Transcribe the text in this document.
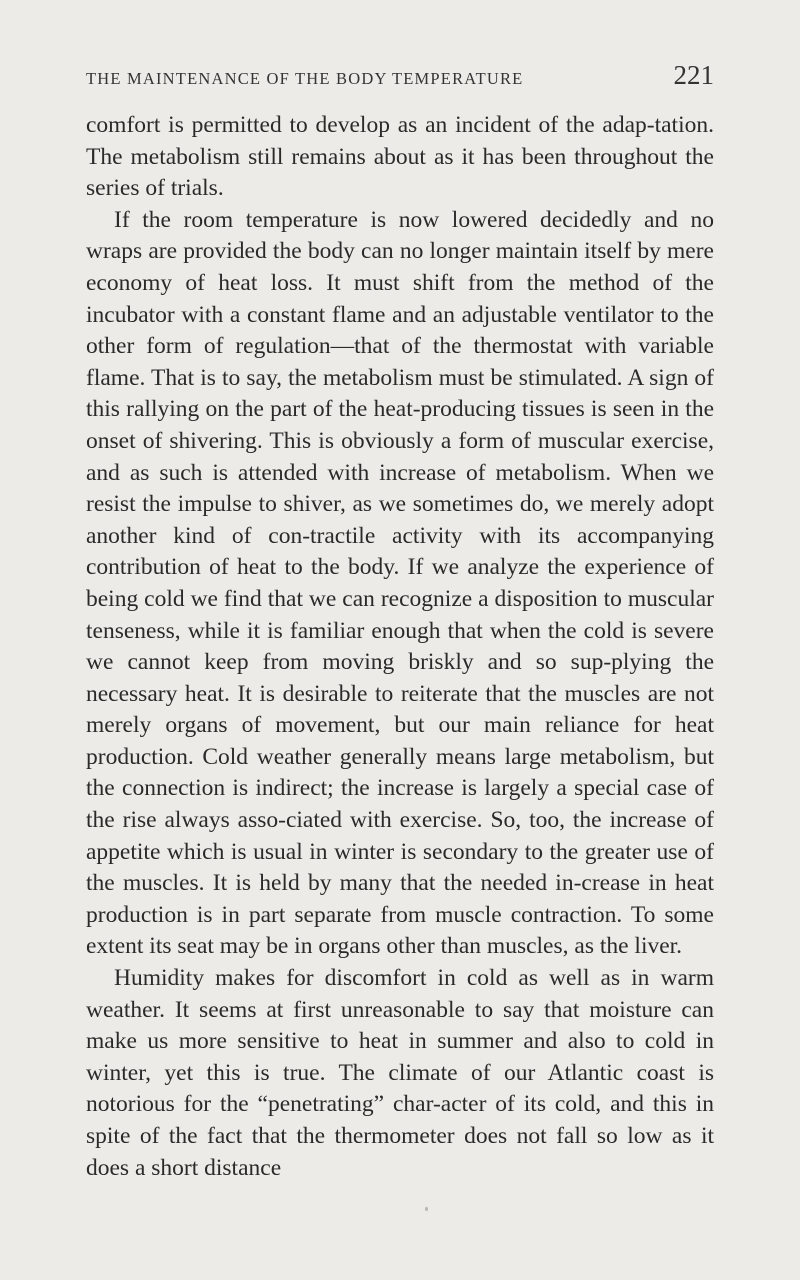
THE MAINTENANCE OF THE BODY TEMPERATURE	221

comfort is permitted to develop as an incident of the adap-tation. The metabolism still remains about as it has been throughout the series of trials.

If the room temperature is now lowered decidedly and no wraps are provided the body can no longer maintain itself by mere economy of heat loss. It must shift from the method of the incubator with a constant flame and an adjustable ventilator to the other form of regulation—that of the thermostat with variable flame. That is to say, the metabolism must be stimulated. A sign of this rallying on the part of the heat-producing tissues is seen in the onset of shivering. This is obviously a form of muscular exercise, and as such is attended with increase of metabolism. When we resist the impulse to shiver, as we sometimes do, we merely adopt another kind of con-tractile activity with its accompanying contribution of heat to the body. If we analyze the experience of being cold we find that we can recognize a disposition to muscular tenseness, while it is familiar enough that when the cold is severe we cannot keep from moving briskly and so sup-plying the necessary heat. It is desirable to reiterate that the muscles are not merely organs of movement, but our main reliance for heat production. Cold weather generally means large metabolism, but the connection is indirect; the increase is largely a special case of the rise always asso-ciated with exercise. So, too, the increase of appetite which is usual in winter is secondary to the greater use of the muscles. It is held by many that the needed in-crease in heat production is in part separate from muscle contraction. To some extent its seat may be in organs other than muscles, as the liver.

Humidity makes for discomfort in cold as well as in warm weather. It seems at first unreasonable to say that moisture can make us more sensitive to heat in summer and also to cold in winter, yet this is true. The climate of our Atlantic coast is notorious for the “penetrating” char-acter of its cold, and this in spite of the fact that the thermometer does not fall so low as it does a short distance
